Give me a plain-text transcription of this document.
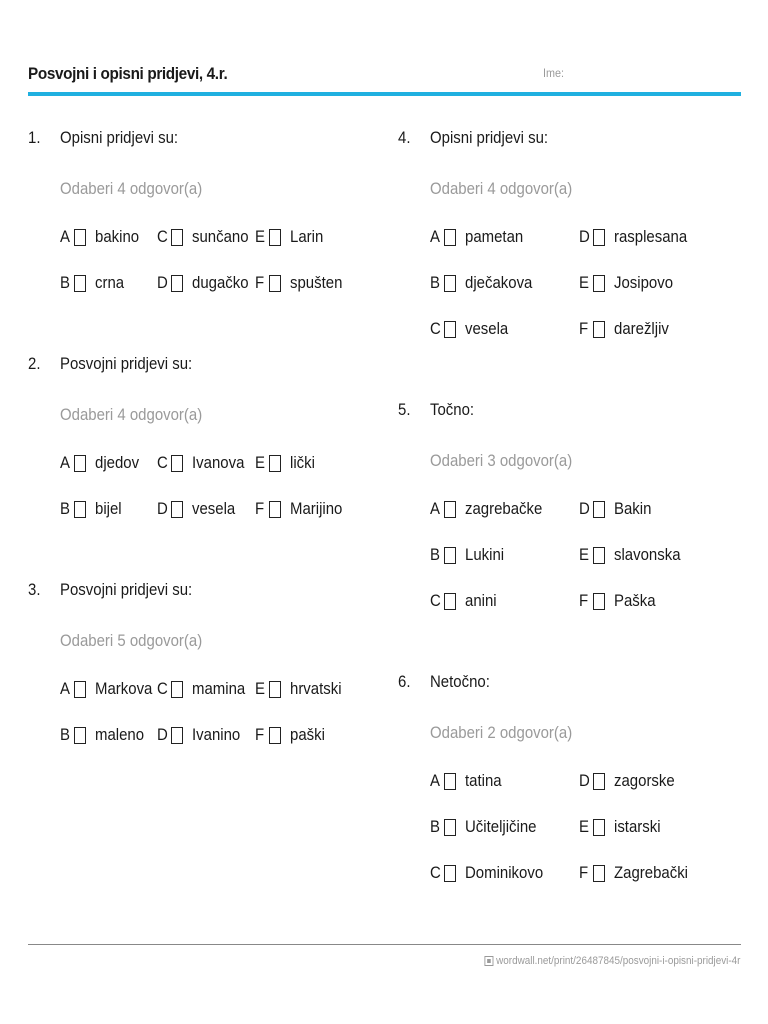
Posvojni i opisni pridjevi, 4.r.	Ime:
1. Opisni pridjevi su:
Odaberi 4 odgovor(a)
A bakino
B crna
C sunčano
D dugačko
E Larin
F spušten
2. Posvojni pridjevi su:
Odaberi 4 odgovor(a)
A djedov
B bijel
C Ivanova
D vesela
E lički
F Marijino
3. Posvojni pridjevi su:
Odaberi 5 odgovor(a)
A Markova
B maleno
C mamina
D Ivanino
E hrvatski
F paški
4. Opisni pridjevi su:
Odaberi 4 odgovor(a)
A pametan
B dječakova
C vesela
D rasplesana
E Josipovo
F darežljiv
5. Točno:
Odaberi 3 odgovor(a)
A zagrebačke
B Lukini
C anini
D Bakin
E slavonska
F Paška
6. Netočno:
Odaberi 2 odgovor(a)
A tatina
B Učiteljičine
C Dominikovo
D zagorske
E istarski
F Zagrebački
wordwall.net/print/26487845/posvojni-i-opisni-pridjevi-4r
